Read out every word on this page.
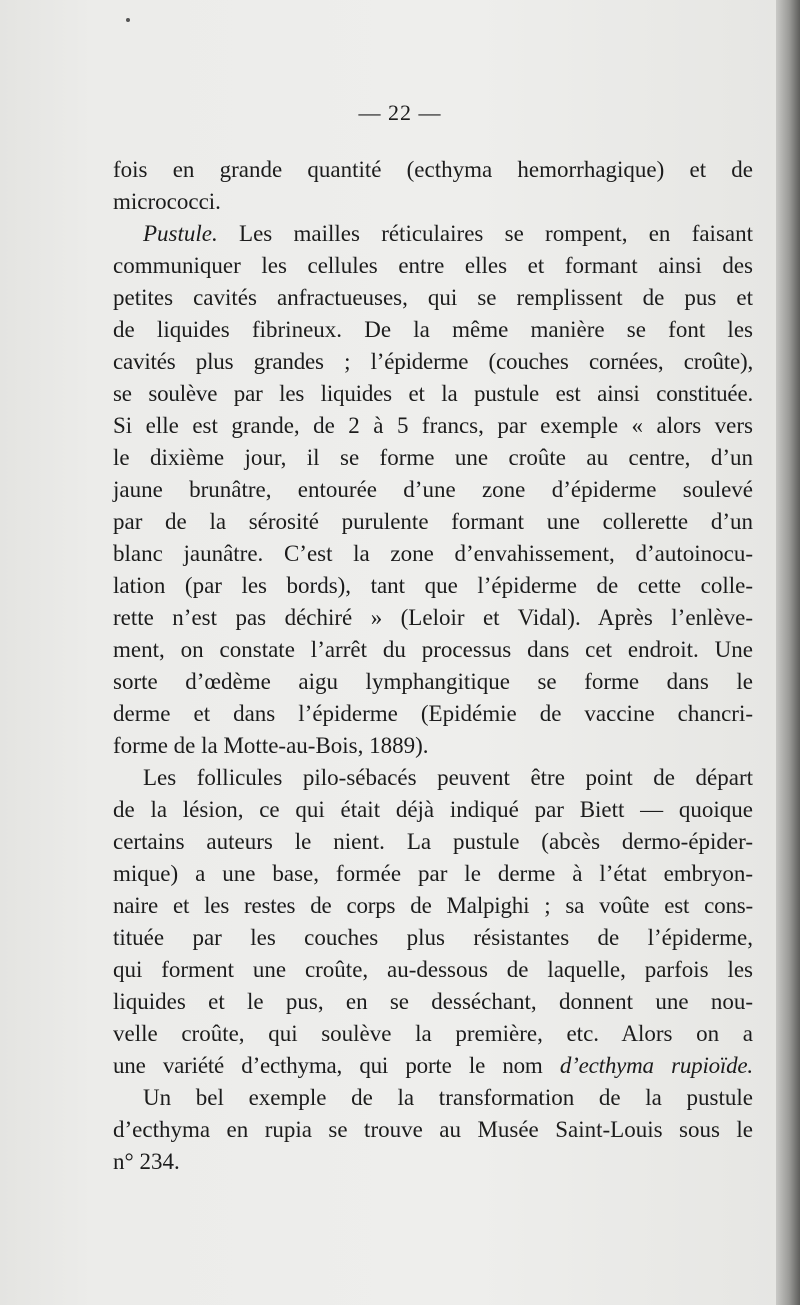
— 22 —
fois en grande quantité (ecthyma hemorrhagique) et de
micrococci.
Pustule. Les mailles réticulaires se rompent, en faisant
communiquer les cellules entre elles et formant ainsi des
petites cavités anfractueuses, qui se remplissent de pus et
de liquides fibrineux. De la même manière se font les
cavités plus grandes ; l’épiderme (couches cornées, croûte),
se soulève par les liquides et la pustule est ainsi constituée.
Si elle est grande, de 2 à 5 francs, par exemple « alors vers
le dixième jour, il se forme une croûte au centre, d’un
jaune brunâtre, entourée d’une zone d’épiderme soulevé
par de la sérosité purulente formant une collerette d’un
blanc jaunâtre. C’est la zone d’envahissement, d’autoinocu-
lation (par les bords), tant que l’épiderme de cette colle-
rette n’est pas déchiré » (Leloir et Vidal). Après l’enlève-
ment, on constate l’arrêt du processus dans cet endroit. Une
sorte d’œdème aigu lymphangitique se forme dans le
derme et dans l’épiderme (Epidémie de vaccine chancri-
forme de la Motte-au-Bois, 1889).
Les follicules pilo-sébacés peuvent être point de départ
de la lésion, ce qui était déjà indiqué par Biett — quoique
certains auteurs le nient. La pustule (abcès dermo-épider-
mique) a une base, formée par le derme à l’état embryon-
naire et les restes de corps de Malpighi ; sa voûte est cons-
tituée par les couches plus résistantes de l’épiderme,
qui forment une croûte, au-dessous de laquelle, parfois les
liquides et le pus, en se desséchant, donnent une nou-
velle croûte, qui soulève la première, etc. Alors on a
une variété d’ecthyma, qui porte le nom d’ecthyma rupioïde.
Un bel exemple de la transformation de la pustule
d’ecthyma en rupia se trouve au Musée Saint-Louis sous le
n° 234.
